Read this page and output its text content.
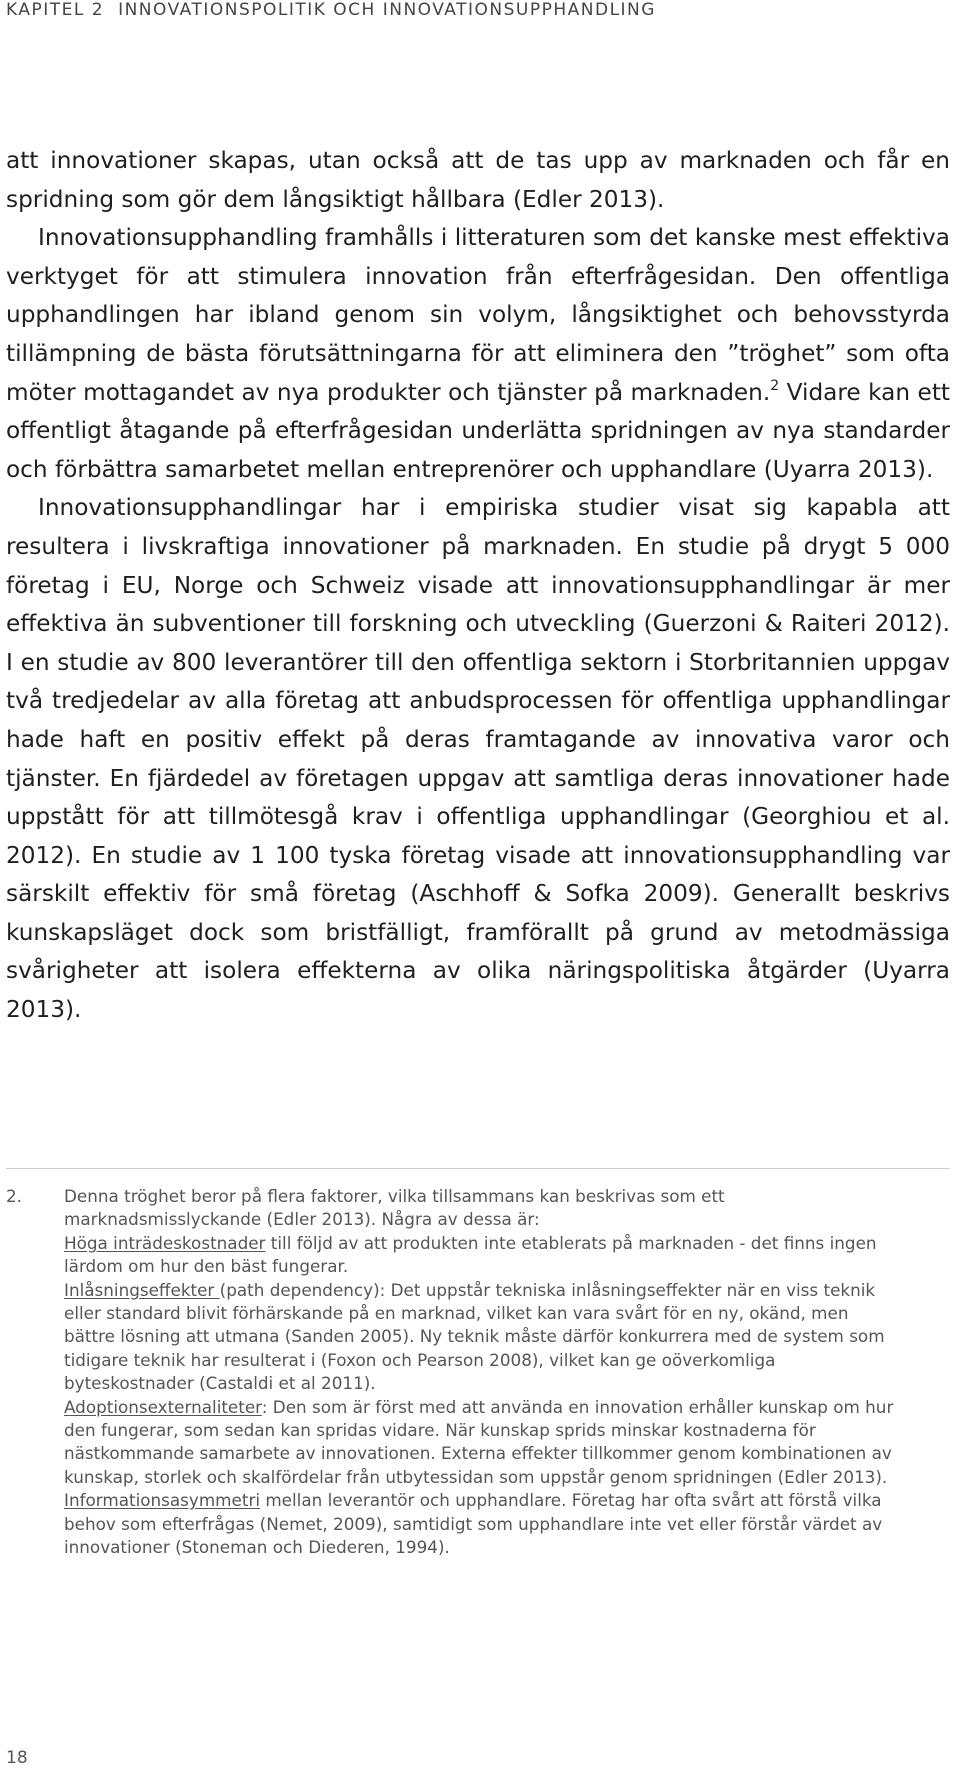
KAPITEL 2 INNOVATIONSPOLITIK OCH INNOVATIONSUPPHANDLING

att innovationer skapas, utan också att de tas upp av marknaden och får en spridning som gör dem långsiktigt hållbara (Edler 2013).

Innovationsupphandling framhålls i litteraturen som det kanske mest effektiva verktyget för att stimulera innovation från efterfrågesidan. Den offentliga upphandlingen har ibland genom sin volym, långsiktighet och behovsstyrda tillämpning de bästa förutsättningarna för att eliminera den ”tröghet” som ofta möter mottagandet av nya produkter och tjänster på marknaden.$^2$ Vidare kan ett offentligt åtagande på efterfrågesidan underlätta spridningen av nya standarder och förbättra samarbetet mellan entreprenörer och upphandlare (Uyarra 2013).

Innovationsupphandlingar har i empiriska studier visat sig kapabla att resultera i livskraftiga innovationer på marknaden. En studie på drygt 5 000 företag i EU, Norge och Schweiz visade att innovationsupphandlingar är mer effektiva än subventioner till forskning och utveckling (Guerzoni & Raiteri 2012). I en studie av 800 leverantörer till den offentliga sektorn i Storbritannien uppgav två tredjedelar av alla företag att anbudsprocessen för offentliga upphandlingar hade haft en positiv effekt på deras framtagande av innovativa varor och tjänster. En fjärdedel av företagen uppgav att samtliga deras innovationer hade uppstått för att tillmötesgå krav i offentliga upphandlingar (Georghiou et al. 2012). En studie av 1 100 tyska företag visade att innovationsupphandling var särskilt effektiv för små företag (Aschhoff & Sofka 2009). Generallt beskrivs kunskapsläget dock som bristfälligt, framförallt på grund av metodmässiga svårigheter att isolera effekterna av olika näringspolitiska åtgärder (Uyarra 2013).

2. Denna tröghet beror på flera faktorer, vilka tillsammans kan beskrivas som ett marknadsmisslyckande (Edler 2013). Några av dessa är:

Höga inträdeskostnader till följd av att produkten inte etablerats på marknaden - det finns ingen lärdom om hur den bäst fungerar.

Inlåsningseffekter (path dependency): Det uppstår tekniska inlåsningseffekter när en viss teknik eller standard blivit förhärskande på en marknad, vilket kan vara svårt för en ny, okänd, men bättre lösning att utmana (Sanden 2005). Ny teknik måste därför konkurrera med de system som tidigare teknik har resulterat i (Foxon och Pearson 2008), vilket kan ge oöverkomliga byteskostnader (Castaldi et al 2011).

Adoptionsexternaliteter: Den som är först med att använda en innovation erhåller kunskap om hur den fungerar, som sedan kan spridas vidare. När kunskap sprids minskar kostnaderna för nästkommande samarbete av innovationen. Externa effekter tillkommer genom kombinationen av kunskap, storlek och skalfördelar från utbytessidan som uppstår genom spridningen (Edler 2013).

Informationsasymmetri mellan leverantör och upphandlare. Företag har ofta svårt att förstå vilka behov som efterfrågas (Nemet, 2009), samtidigt som upphandlare inte vet eller förstår värdet av innovationer (Stoneman och Diederen, 1994).

18
